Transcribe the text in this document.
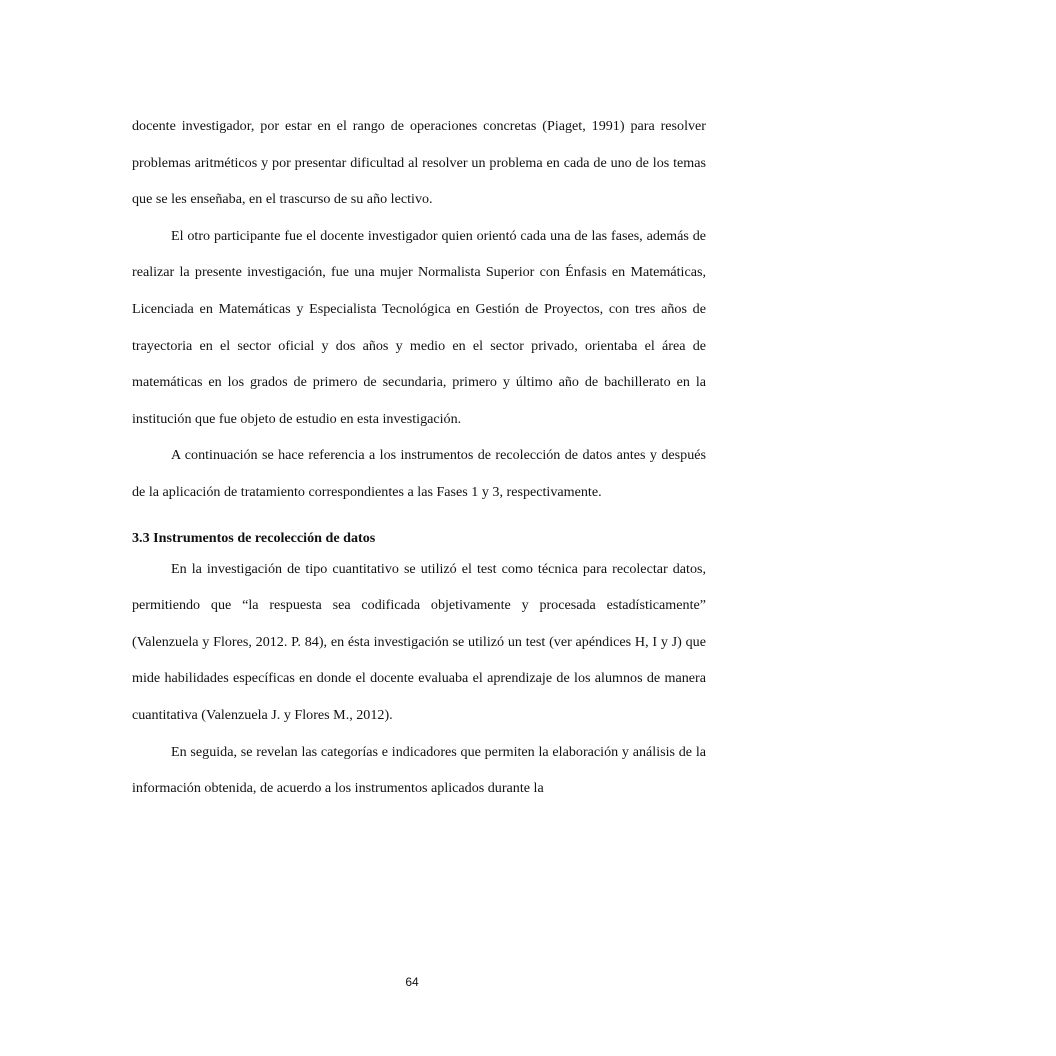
docente investigador, por estar en el rango de operaciones concretas (Piaget, 1991) para resolver problemas aritméticos y por presentar dificultad al resolver un problema en cada de uno de los temas que se les enseñaba, en el trascurso de su año lectivo.

El otro participante fue el docente investigador quien orientó cada una de las fases, además de realizar la presente investigación, fue una mujer Normalista Superior con Énfasis en Matemáticas, Licenciada en Matemáticas y Especialista Tecnológica en Gestión de Proyectos, con tres años de trayectoria en el sector oficial y dos años y medio en el sector privado, orientaba el área de matemáticas en los grados de primero de secundaria, primero y último año de bachillerato en la institución que fue objeto de estudio en esta investigación.

A continuación se hace referencia a los instrumentos de recolección de datos antes y después de la aplicación de tratamiento correspondientes a las Fases 1 y 3, respectivamente.

3.3 Instrumentos de recolección de datos

En la investigación de tipo cuantitativo se utilizó el test como técnica para recolectar datos, permitiendo que “la respuesta sea codificada objetivamente y procesada estadísticamente” (Valenzuela y Flores, 2012. P. 84), en ésta investigación se utilizó un test (ver apéndices H, I y J) que mide habilidades específicas en donde el docente evaluaba el aprendizaje de los alumnos de manera cuantitativa (Valenzuela J. y Flores M., 2012).

En seguida, se revelan las categorías e indicadores que permiten la elaboración y análisis de la información obtenida, de acuerdo a los instrumentos aplicados durante la

64
